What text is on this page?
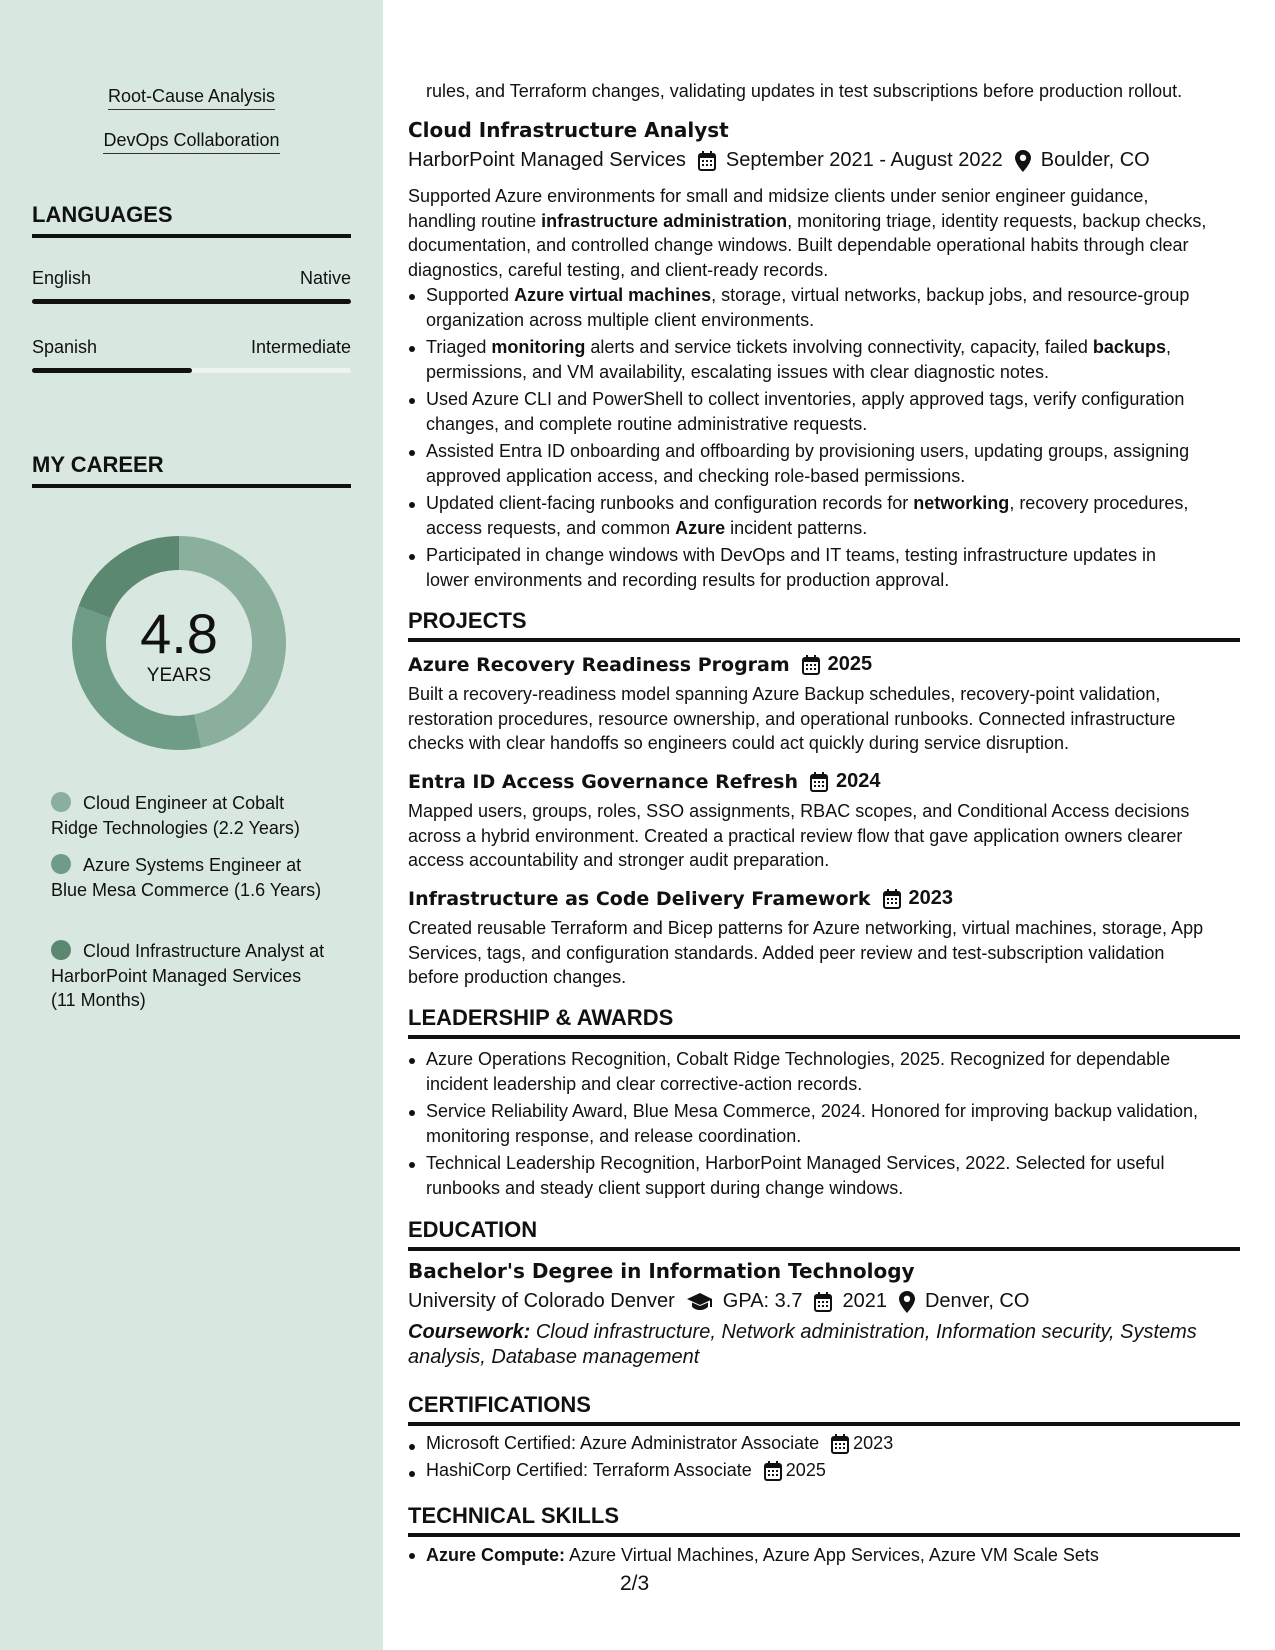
Root-Cause Analysis
DevOps Collaboration
LANGUAGES
English	Native
Spanish	Intermediate
MY CAREER
4.8
YEARS
Cloud Engineer at Cobalt Ridge Technologies (2.2 Years)
Azure Systems Engineer at Blue Mesa Commerce (1.6 Years)
Cloud Infrastructure Analyst at HarborPoint Managed Services (11 Months)
rules, and Terraform changes, validating updates in test subscriptions before production rollout.
Cloud Infrastructure Analyst
HarborPoint Managed Services September 2021 - August 2022 Boulder, CO
Supported Azure environments for small and midsize clients under senior engineer guidance,
handling routine infrastructure administration, monitoring triage, identity requests, backup checks,
documentation, and controlled change windows. Built dependable operational habits through clear
diagnostics, careful testing, and client-ready records.
Supported Azure virtual machines, storage, virtual networks, backup jobs, and resource-group
organization across multiple client environments.
Triaged monitoring alerts and service tickets involving connectivity, capacity, failed backups,
permissions, and VM availability, escalating issues with clear diagnostic notes.
Used Azure CLI and PowerShell to collect inventories, apply approved tags, verify configuration
changes, and complete routine administrative requests.
Assisted Entra ID onboarding and offboarding by provisioning users, updating groups, assigning
approved application access, and checking role-based permissions.
Updated client-facing runbooks and configuration records for networking, recovery procedures,
access requests, and common Azure incident patterns.
Participated in change windows with DevOps and IT teams, testing infrastructure updates in
lower environments and recording results for production approval.
PROJECTS
Azure Recovery Readiness Program 2025
Built a recovery-readiness model spanning Azure Backup schedules, recovery-point validation,
restoration procedures, resource ownership, and operational runbooks. Connected infrastructure
checks with clear handoffs so engineers could act quickly during service disruption.
Entra ID Access Governance Refresh 2024
Mapped users, groups, roles, SSO assignments, RBAC scopes, and Conditional Access decisions
across a hybrid environment. Created a practical review flow that gave application owners clearer
access accountability and stronger audit preparation.
Infrastructure as Code Delivery Framework 2023
Created reusable Terraform and Bicep patterns for Azure networking, virtual machines, storage, App
Services, tags, and configuration standards. Added peer review and test-subscription validation
before production changes.
LEADERSHIP & AWARDS
Azure Operations Recognition, Cobalt Ridge Technologies, 2025. Recognized for dependable
incident leadership and clear corrective-action records.
Service Reliability Award, Blue Mesa Commerce, 2024. Honored for improving backup validation,
monitoring response, and release coordination.
Technical Leadership Recognition, HarborPoint Managed Services, 2022. Selected for useful
runbooks and steady client support during change windows.
EDUCATION
Bachelor's Degree in Information Technology
University of Colorado Denver GPA: 3.7 2021 Denver, CO
Coursework: Cloud infrastructure, Network administration, Information security, Systems
analysis, Database management
CERTIFICATIONS
Microsoft Certified: Azure Administrator Associate 2023
HashiCorp Certified: Terraform Associate 2025
TECHNICAL SKILLS
Azure Compute: Azure Virtual Machines, Azure App Services, Azure VM Scale Sets
2/3
